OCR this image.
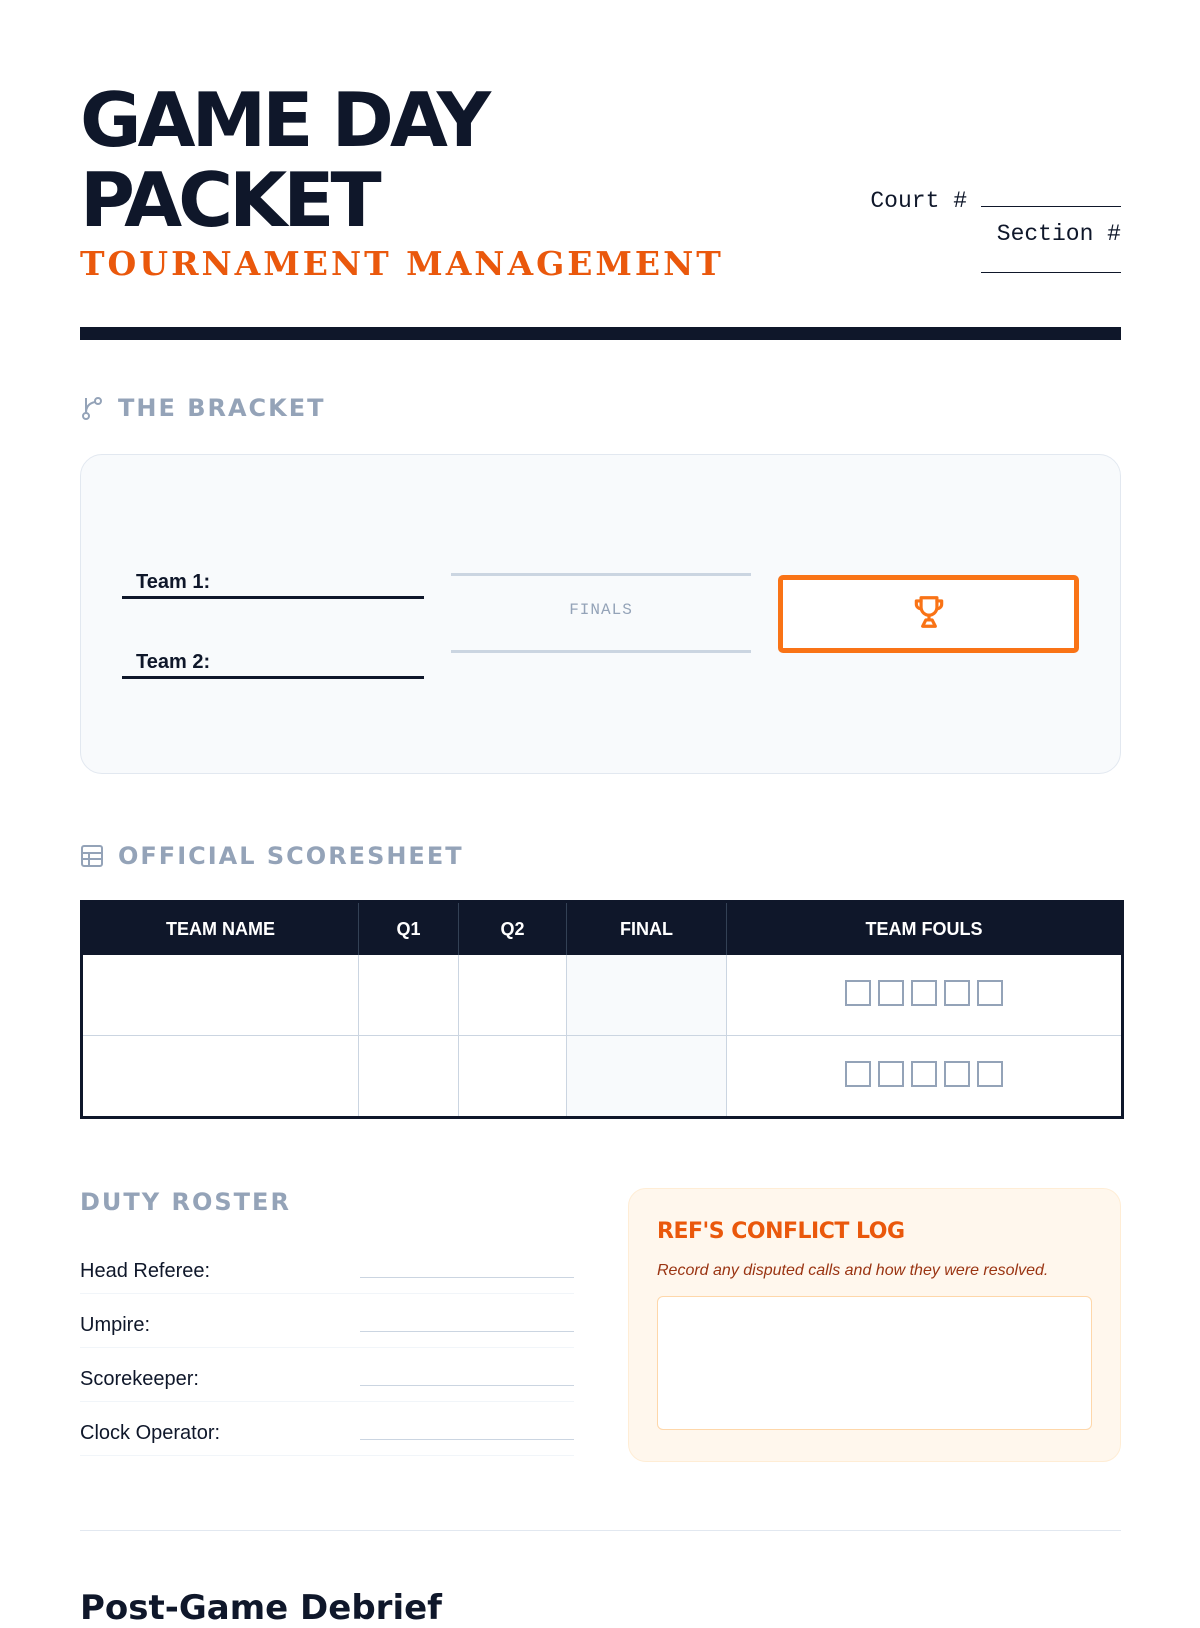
GAME DAY PACKET
TOURNAMENT MANAGEMENT
Court #
Section #
THE BRACKET
Team 1:
Team 2:
FINALS
OFFICIAL SCORESHEET
TEAM NAME	Q1	Q2	FINAL	TEAM FOULS

DUTY ROSTER
Head Referee:
Umpire:
Scorekeeper:
Clock Operator:
REF'S CONFLICT LOG

Record any disputed calls and how they were resolved.

Post-Game Debrief
